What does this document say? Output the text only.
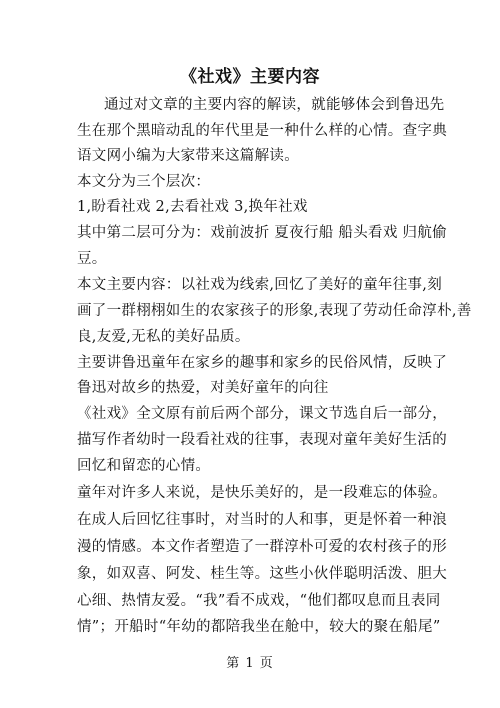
《社戏》主要内容
通过对文章的主要内容的解读，就能够体会到鲁迅先
生在那个黑暗动乱的年代里是一种什么样的心情。查字典
语文网小编为大家带来这篇解读。
本文分为三个层次：
1,盼看社戏 2,去看社戏 3,换年社戏
其中第二层可分为：戏前波折 夏夜行船 船头看戏 归航偷
豆。
本文主要内容：以社戏为线索,回忆了美好的童年往事,刻
画了一群栩栩如生的农家孩子的形象,表现了劳动任命淳朴,善
良,友爱,无私的美好品质。
主要讲鲁迅童年在家乡的趣事和家乡的民俗风情，反映了
鲁迅对故乡的热爱，对美好童年的向往
《社戏》全文原有前后两个部分，课文节选自后一部分，
描写作者幼时一段看社戏的往事，表现对童年美好生活的
回忆和留恋的心情。
童年对许多人来说，是快乐美好的，是一段难忘的体验。
在成人后回忆往事时，对当时的人和事，更是怀着一种浪
漫的情感。本文作者塑造了一群淳朴可爱的农村孩子的形
象，如双喜、阿发、桂生等。这些小伙伴聪明活泼、胆大
心细、热情友爱。“我”看不成戏，“他们都叹息而且表同
情”；开船时“年幼的都陪我坐在舱中，较大的聚在船尾”
第 1 页
